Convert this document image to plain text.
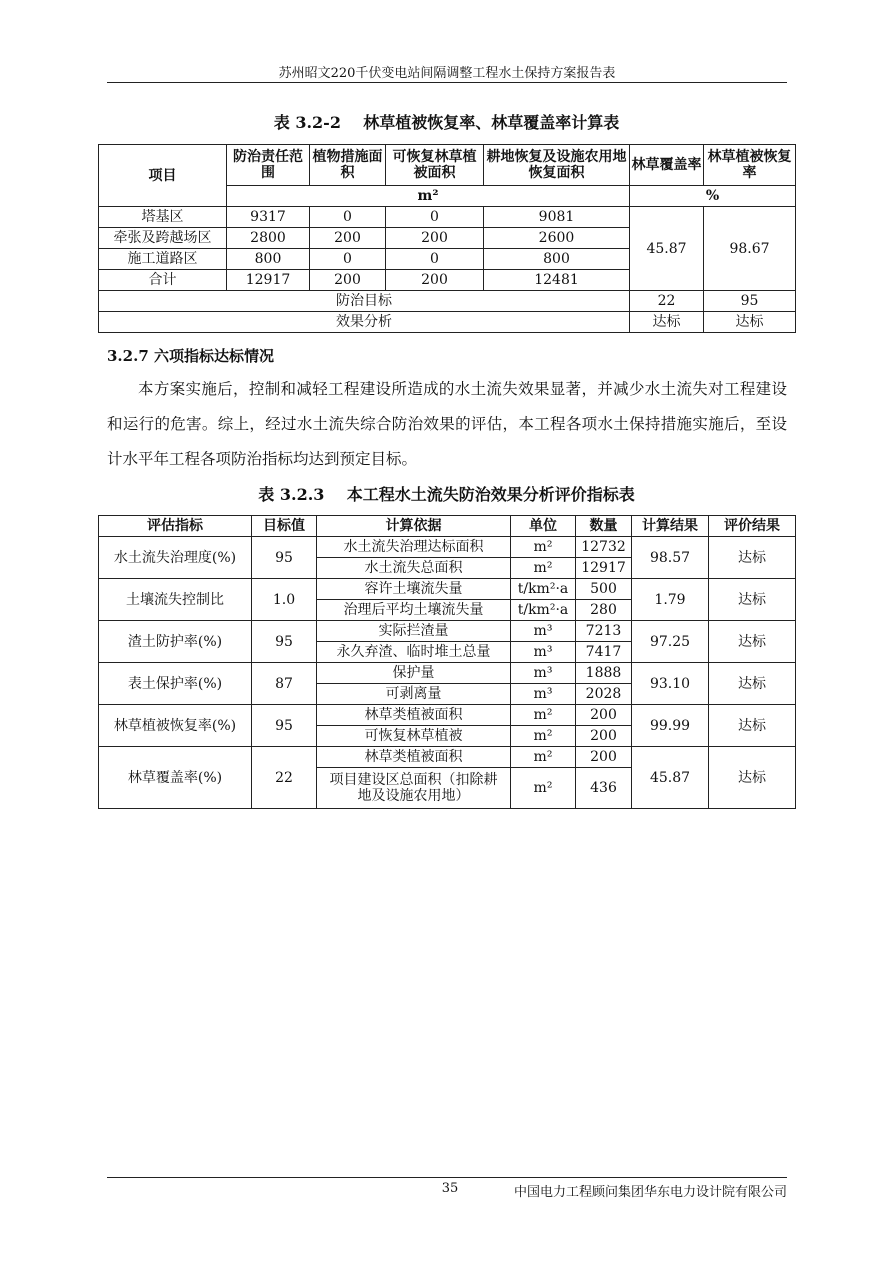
苏州昭文220千伏变电站间隔调整工程水土保持方案报告表
表 3.2-2    林草植被恢复率、林草覆盖率计算表
项目	防治责任范围	植物措施面积	可恢复林草植被面积	耕地恢复及设施农用地恢复面积	林草覆盖率	林草植被恢复率
	m²				%	
塔基区	9317	0	0	9081	45.87	98.67
牵张及跨越场区	2800	200	200	2600		
施工道路区	800	0	0	800		
合计	12917	200	200	12481		
防治目标					22	95
效果分析					达标	达标
3.2.7 六项指标达标情况

本方案实施后，控制和减轻工程建设所造成的水土流失效果显著，并减少水土流失对工程建设和运行的危害。综上，经过水土流失综合防治效果的评估，本工程各项水土保持措施实施后，至设计水平年工程各项防治指标均达到预定目标。

表 3.2.3    本工程水土流失防治效果分析评价指标表
评估指标	目标值	计算依据	单位	数量	计算结果	评价结果
水土流失治理度(%)	95	水土流失治理达标面积	m²	12732	98.57	达标
		水土流失总面积	m²	12917		
土壤流失控制比	1.0	容许土壤流失量	t/km²·a	500	1.79	达标
		治理后平均土壤流失量	t/km²·a	280		
渣土防护率(%)	95	实际拦渣量	m³	7213	97.25	达标
		永久弃渣、临时堆土总量	m³	7417		
表土保护率(%)	87	保护量	m³	1888	93.10	达标
		可剥离量	m³	2028		
林草植被恢复率(%)	95	林草类植被面积	m²	200	99.99	达标
		可恢复林草植被	m²	200		
林草覆盖率(%)	22	林草类植被面积	m²	200	45.87	达标
		项目建设区总面积（扣除耕地及设施农用地）	m²	436		
35	中国电力工程顾问集团华东电力设计院有限公司
